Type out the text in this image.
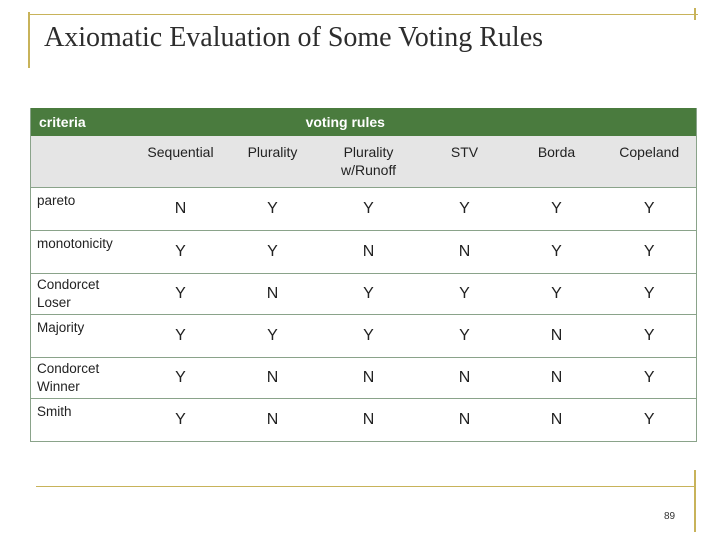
Axiomatic Evaluation of Some Voting Rules
criteria	voting rules					
	Sequential	Plurality	Plurality w/Runoff	STV	Borda	Copeland
pareto	N	Y	Y	Y	Y	Y
monotonicity	Y	Y	N	N	Y	Y
Condorcet Loser	Y	N	Y	Y	Y	Y
Majority	Y	Y	Y	Y	N	Y
Condorcet Winner	Y	N	N	N	N	Y
Smith	Y	N	N	N	N	Y
89
